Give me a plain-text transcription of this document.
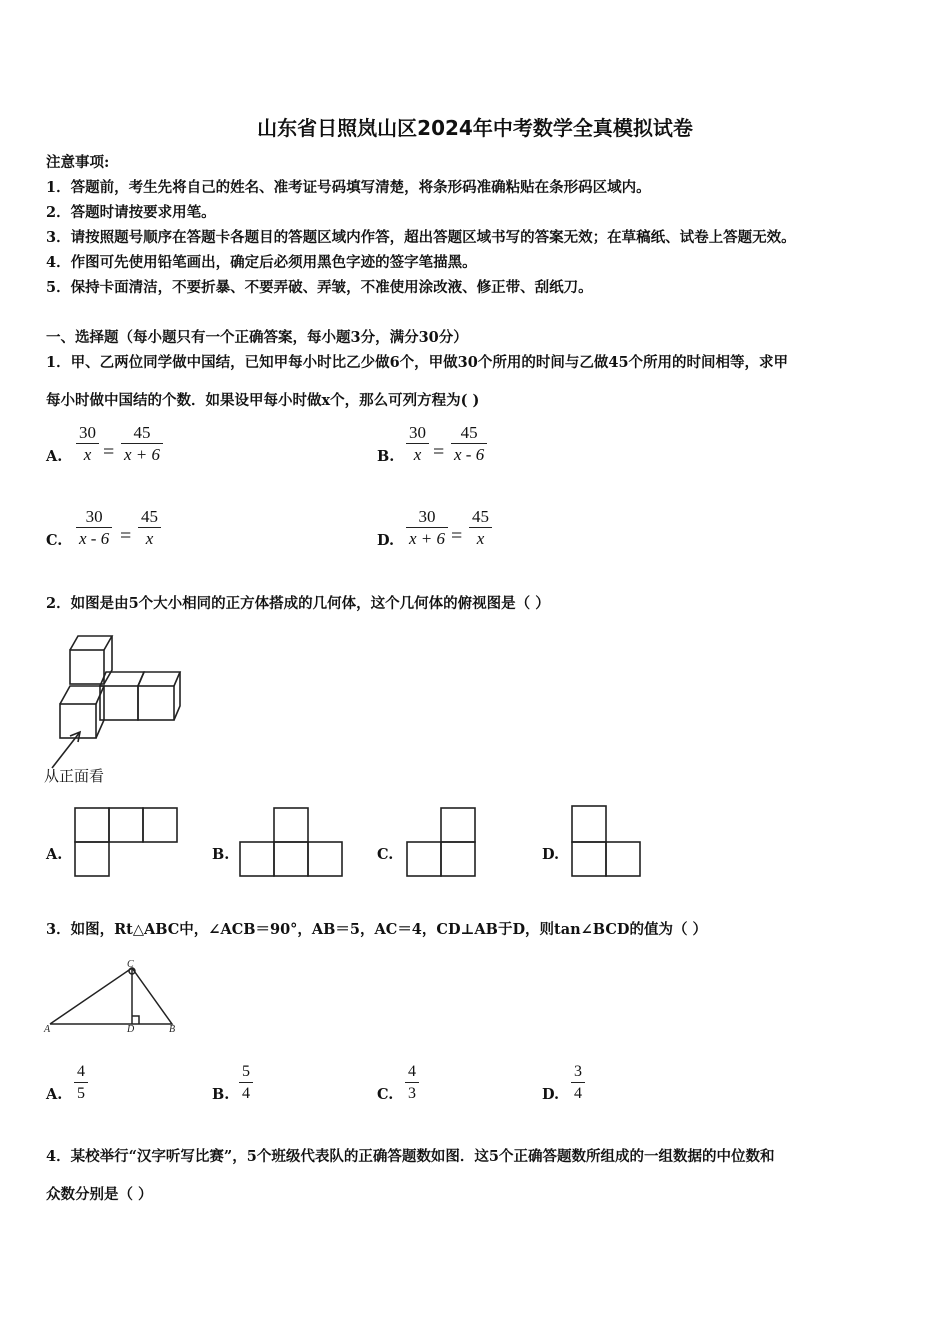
山东省日照岚山区2024年中考数学全真模拟试卷
注意事项:
1．答题前，考生先将自己的姓名、准考证号码填写清楚，将条形码准确粘贴在条形码区域内。
2．答题时请按要求用笔。
3．请按照题号顺序在答题卡各题目的答题区域内作答，超出答题区域书写的答案无效；在草稿纸、试卷上答题无效。
4．作图可先使用铅笔画出，确定后必须用黑色字迹的签字笔描黑。
5．保持卡面清洁，不要折暴、不要弄破、弄皱，不准使用涂改液、修正带、刮纸刀。
一、选择题（每小题只有一个正确答案，每小题3分，满分30分）
1．甲、乙两位同学做中国结，已知甲每小时比乙少做6个，甲做30个所用的时间与乙做45个所用的时间相等，求甲
每小时做中国结的个数．如果设甲每小时做x个，那么可列方程为( )
A. $\frac{30}{x} = \frac{45}{x + 6}$	B. $\frac{30}{x} = \frac{45}{x - 6}$
C. $\frac{30}{x - 6} = \frac{45}{x}$	D. $\frac{30}{x + 6} = \frac{45}{x}$
2．如图是由5个大小相同的正方体搭成的几何体，这个几何体的俯视图是（ ）
从正面看
A.	B.	C.	D.
3．如图，Rt△ABC中，∠ACB＝90°，AB＝5，AC＝4，CD⊥AB于D，则tan∠BCD的值为（ ）
A	B
C
D
A. $\frac{4}{5}$	B. $\frac{5}{4}$	C. $\frac{4}{3}$	D. $\frac{3}{4}$
4．某校举行“汉字听写比赛”，5个班级代表队的正确答题数如图．这5个正确答题数所组成的一组数据的中位数和
众数分别是（ ）
